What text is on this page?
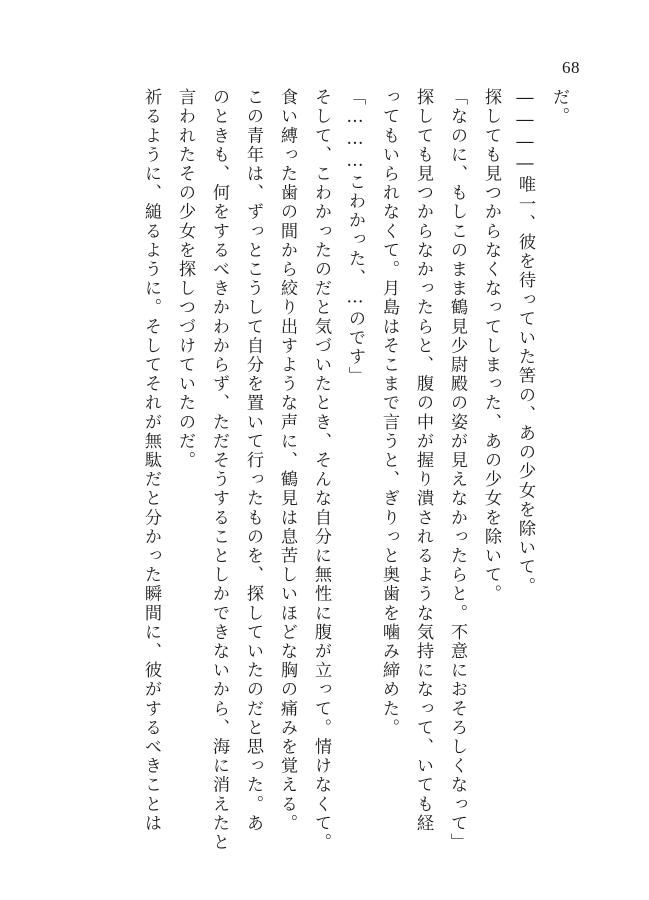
68
だ。
――――唯一、彼を待っていた筈の、あの少女を除いて。
探しても見つからなくなってしまった、あの少女を除いて。
「なのに、もしこのまま鶴見少尉殿の姿が見えなかったらと。不意におそろしくなって」
探しても見つからなかったらと、腹の中が握り潰されるような気持になって、いても経
ってもいられなくて。月島はそこまで言うと、ぎりっと奥歯を噛み締めた。
「………こわかった、…のです」
そして、こわかったのだと気づいたとき、そんな自分に無性に腹が立って。情けなくて。
食い縛った歯の間から絞り出すような声に、鶴見は息苦しいほどな胸の痛みを覚える。
この青年は、ずっとこうして自分を置いて行ったものを、探していたのだと思った。あ
のときも、何をするべきかわからず、ただそうすることしかできないから、海に消えたと
言われたその少女を探しつづけていたのだ。
祈るように、縋るように。そしてそれが無駄だと分かった瞬間に、彼がするべきことは
